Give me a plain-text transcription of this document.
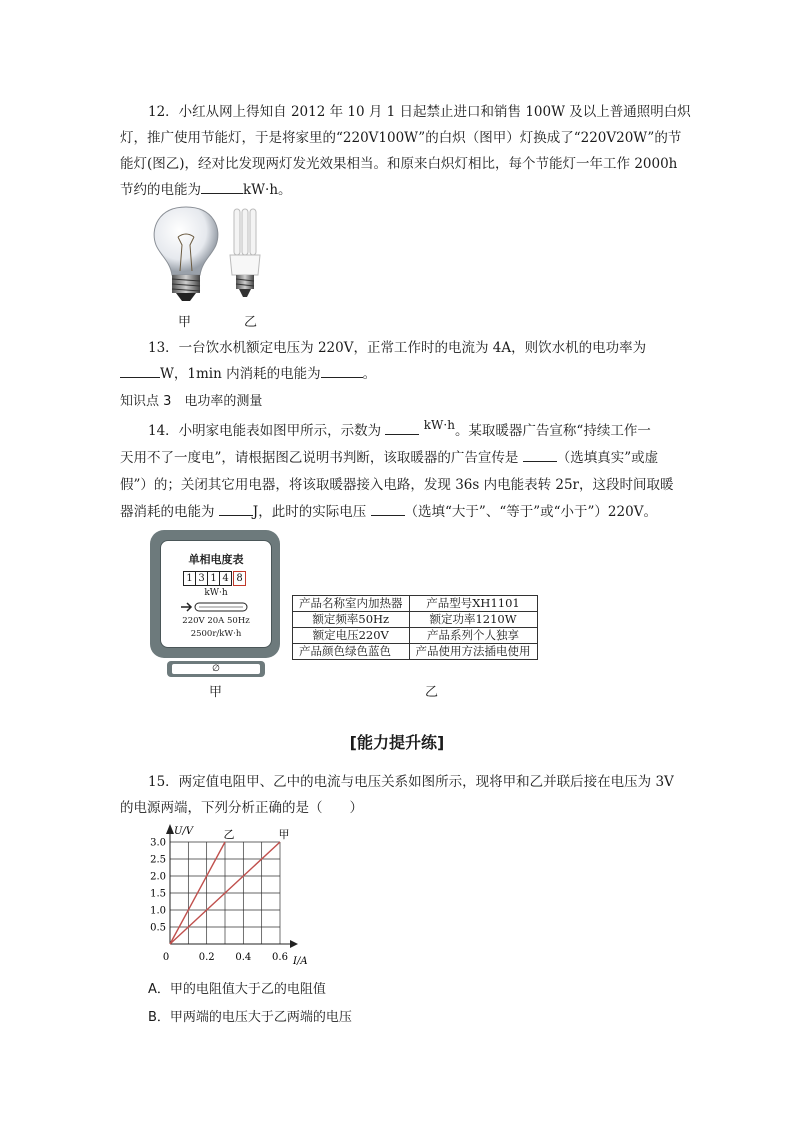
12．小红从网上得知自 2012 年 10 月 1 日起禁止进口和销售 100W 及以上普通照明白炽
灯，推广使用节能灯，于是将家里的“220V100W”的白炽（图甲）灯换成了“220V20W”的节
能灯(图乙)，经对比发现两灯发光效果相当。和原来白炽灯相比，每个节能灯一年工作 2000h
节约的电能为	kW·h。
甲	乙
13．一台饮水机额定电压为 220V，正常工作时的电流为 4A，则饮水机的电功率为
W，1min 内消耗的电能为	。
知识点 3　电功率的测量
14．小明家电能表如图甲所示，示数为	kW·h。某取暖器广告宣称“持续工作一
天用不了一度电”，请根据图乙说明书判断，该取暖器的广告宣传是	（选填真实”或虚
假”）的；关闭其它用电器，将该取暖器接入电路，发现 36s 内电能表转 25r，这段时间取暖
器消耗的电能为	J，此时的实际电压	（选填“大于”、“等于”或“小于”）220V。
单相电度表
1 3 1 4 8
kW·h
220V 20A 50Hz
2500r/kW·h
∅
甲
产品名称室内加热器	产品型号XH1101
额定频率50Hz	额定功率1210W
额定电压220V	产品系列个人独享
产品颜色绿色蓝色	产品使用方法插电使用
乙
[能力提升练]
15．两定值电阻甲、乙中的电流与电压关系如图所示，现将甲和乙并联后接在电压为 3V
的电源两端，下列分析正确的是（　　）
U/V
I/A
0	0.2 0.4 0.6
0.5
1.0
1.5
2.0
2.5
3.0
乙	甲
A．甲的电阻值大于乙的电阻值
B．甲两端的电压大于乙两端的电压
